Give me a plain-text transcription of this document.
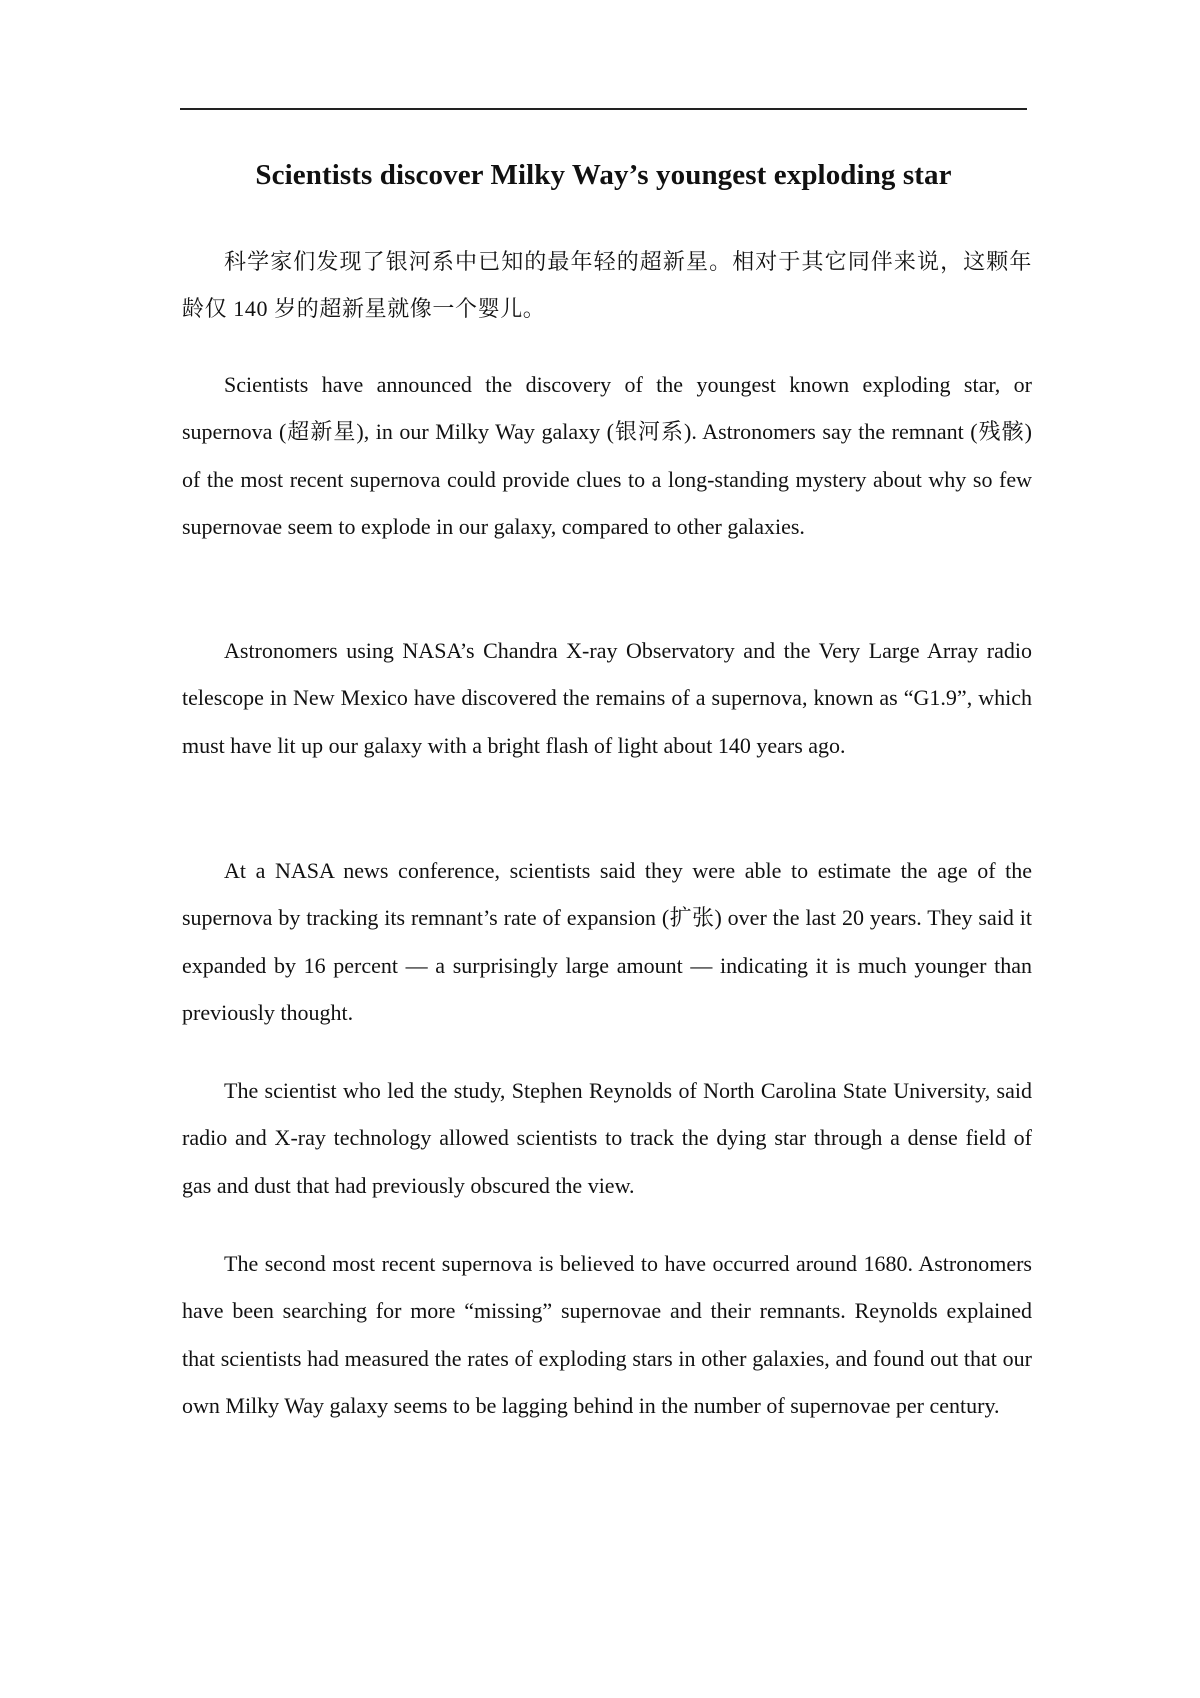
Scientists discover Milky Way’s youngest exploding star

科学家们发现了银河系中已知的最年轻的超新星。相对于其它同伴来说，这颗年龄仅 140 岁的超新星就像一个婴儿。

Scientists have announced the discovery of the youngest known exploding star, or supernova (超新星), in our Milky Way galaxy (银河系). Astronomers say the remnant (残骸) of the most recent supernova could provide clues to a long-standing mystery about why so few supernovae seem to explode in our galaxy, compared to other galaxies.

Astronomers using NASA’s Chandra X-ray Observatory and the Very Large Array radio telescope in New Mexico have discovered the remains of a supernova, known as “G1.9”, which must have lit up our galaxy with a bright flash of light about 140 years ago.

At a NASA news conference, scientists said they were able to estimate the age of the supernova by tracking its remnant’s rate of expansion (扩张) over the last 20 years. They said it expanded by 16 percent — a surprisingly large amount — indicating it is much younger than previously thought.

The scientist who led the study, Stephen Reynolds of North Carolina State University, said radio and X-ray technology allowed scientists to track the dying star through a dense field of gas and dust that had previously obscured the view.

The second most recent supernova is believed to have occurred around 1680. Astronomers have been searching for more “missing” supernovae and their remnants. Reynolds explained that scientists had measured the rates of exploding stars in other galaxies, and found out that our own Milky Way galaxy seems to be lagging behind in the number of supernovae per century.
